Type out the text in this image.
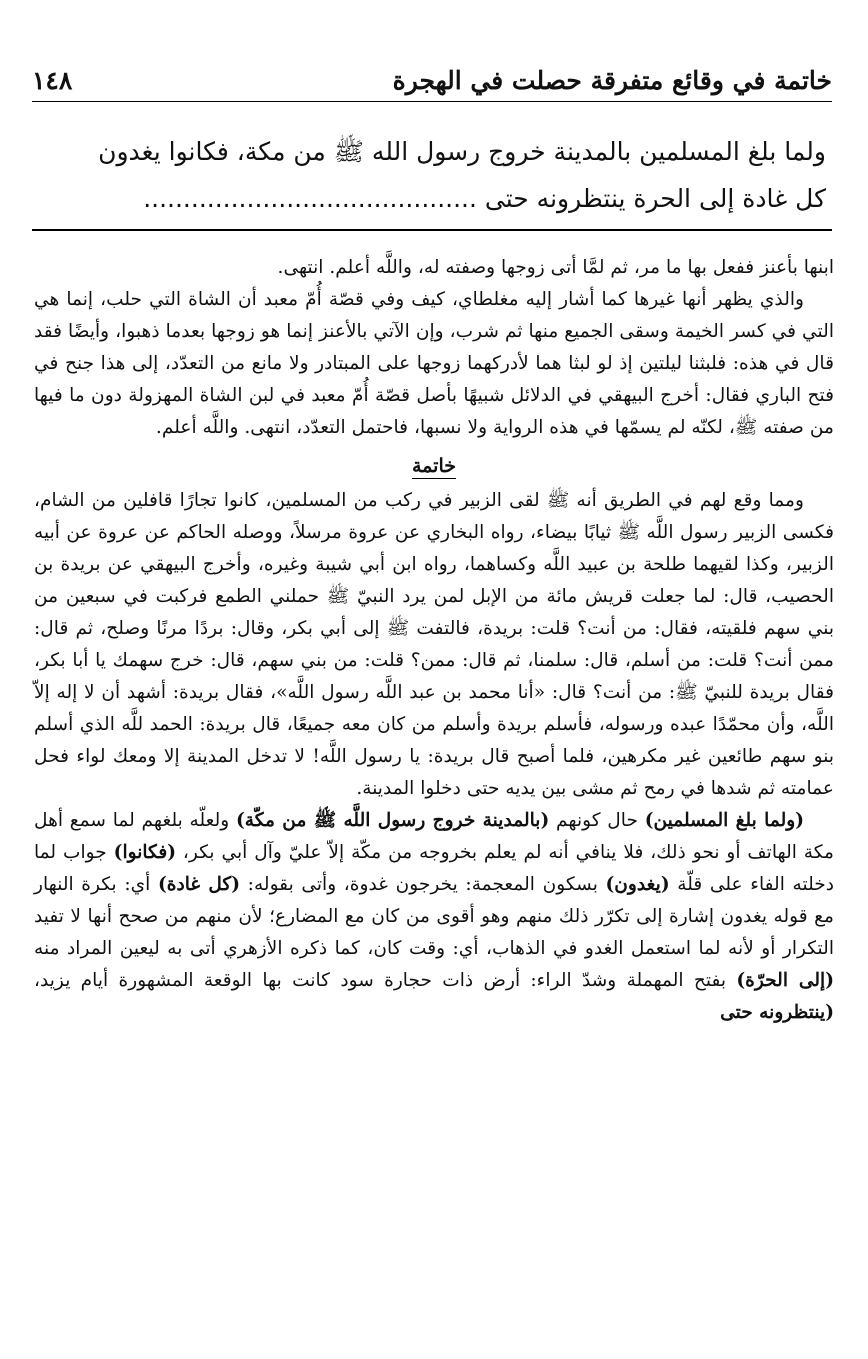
خاتمة في وقائع متفرقة حصلت في الهجرة
١٤٨
ولما بلغ المسلمين بالمدينة خروج رسول الله ﷺ من مكة، فكانوا يغدون
كل غادة إلى الحرة ينتظرونه حتى ..........................................

ابنها بأعنز ففعل بها ما مر، ثم لمَّا أتى زوجها وصفته له، واللَّه أعلم. انتهى.

والذي يظهر أنها غيرها كما أشار إليه مغلطاي، كيف وفي قصّة أُمّ معبد أن الشاة التي حلب، إنما هي التي في كسر الخيمة وسقى الجميع منها ثم شرب، وإن الآتي بالأعنز إنما هو زوجها بعدما ذهبوا، وأيضًا فقد قال في هذه: فلبثنا ليلتين إذ لو لبثا هما لأدركهما زوجها على المبتادر ولا مانع من التعدّد، إلى هذا جنح في فتح الباري فقال: أخرج البيهقي في الدلائل شبيهًا بأصل قصّة أُمّ معبد في لبن الشاة المهزولة دون ما فيها من صفته ﷺ، لكنّه لم يسمّها في هذه الرواية ولا نسبها، فاحتمل التعدّد، انتهى. واللَّه أعلم.

خاتمة

ومما وقع لهم في الطريق أنه ﷺ لقى الزبير في ركب من المسلمين، كانوا تجارًا قافلين من الشام، فكسى الزبير رسول اللَّه ﷺ ثيابًا بيضاء، رواه البخاري عن عروة مرسلاً، ووصله الحاكم عن عروة عن أبيه الزبير، وكذا لقيهما طلحة بن عبيد اللَّه وكساهما، رواه ابن أبي شيبة وغيره، وأخرج البيهقي عن بريدة بن الحصيب، قال: لما جعلت قريش مائة من الإبل لمن يرد النبيّ ﷺ حملني الطمع فركبت في سبعين من بني سهم فلقيته، فقال: من أنت؟ قلت: بريدة، فالتفت ﷺ إلى أبي بكر، وقال: بردًا مرنًا وصلح، ثم قال: ممن أنت؟ قلت: من أسلم، قال: سلمنا، ثم قال: ممن؟ قلت: من بني سهم، قال: خرج سهمك يا أبا بكر، فقال بريدة للنبيّ ﷺ: من أنت؟ قال: «أنا محمد بن عبد اللَّه رسول اللَّه»، فقال بريدة: أشهد أن لا إله إلاّ اللَّه، وأن محمّدًا عبده ورسوله، فأسلم بريدة وأسلم من كان معه جميعًا، قال بريدة: الحمد للَّه الذي أسلم بنو سهم طائعين غير مكرهين، فلما أصبح قال بريدة: يا رسول اللَّه! لا تدخل المدينة إلا ومعك لواء فحل عمامته ثم شدها في رمح ثم مشى بين يديه حتى دخلوا المدينة.

(ولما بلغ المسلمين) حال كونهم (بالمدينة خروج رسول اللَّه ﷺ من مكّة) ولعلّه بلغهم لما سمع أهل مكة الهاتف أو نحو ذلك، فلا ينافي أنه لم يعلم بخروجه من مكّة إلاّ عليّ وآل أبي بكر، (فكانوا) جواب لما دخلته الفاء على قلّة (يغدون) بسكون المعجمة: يخرجون غدوة، وأتى بقوله: (كل غادة) أي: بكرة النهار مع قوله يغدون إشارة إلى تكرّر ذلك منهم وهو أقوى من كان مع المضارع؛ لأن منهم من صحح أنها لا تفيد التكرار أو لأنه لما استعمل الغدو في الذهاب، أي: وقت كان، كما ذكره الأزهري أتى به ليعين المراد منه (إلى الحرّة) بفتح المهملة وشدّ الراء: أرض ذات حجارة سود كانت بها الوقعة المشهورة أيام يزيد، (ينتظرونه حتى
